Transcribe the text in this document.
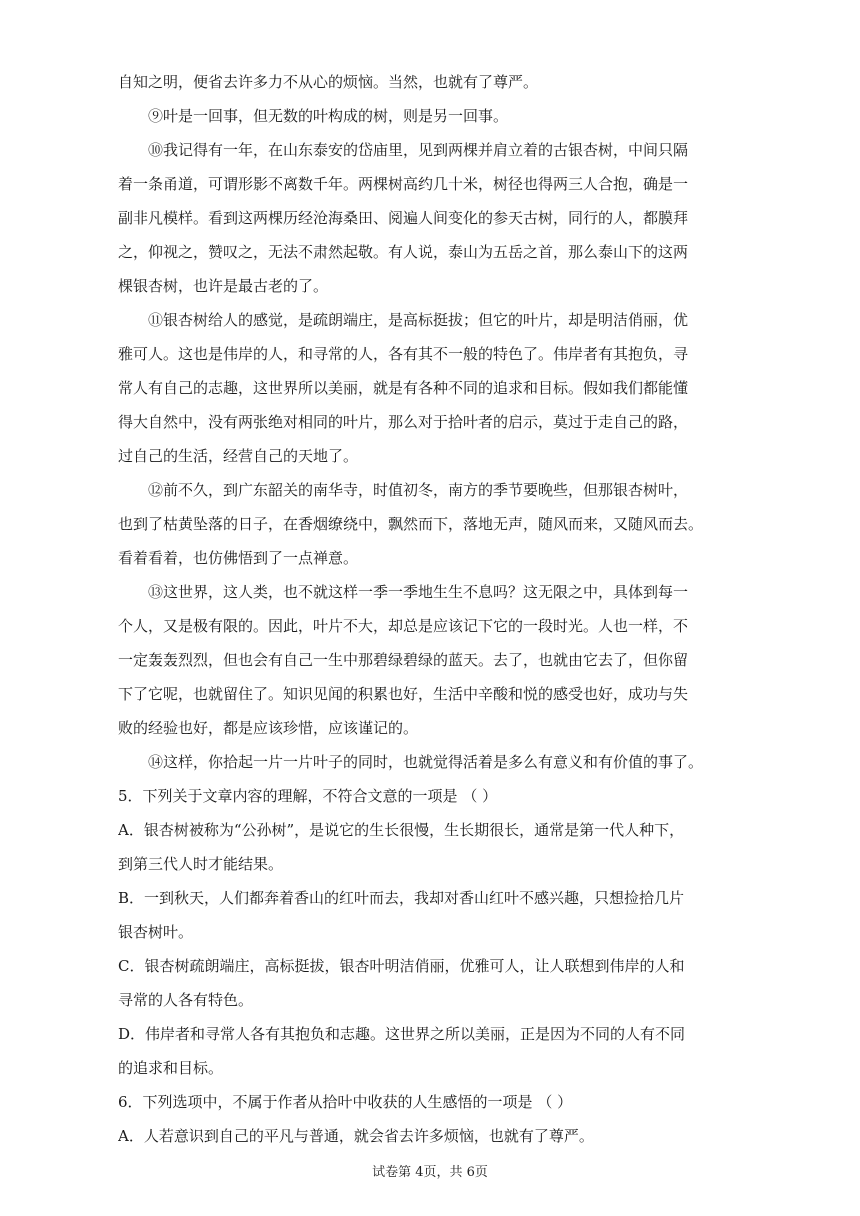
自知之明，便省去许多力不从心的烦恼。当然，也就有了尊严。
⑨叶是一回事，但无数的叶构成的树，则是另一回事。
⑩我记得有一年，在山东泰安的岱庙里，见到两棵并肩立着的古银杏树，中间只隔
着一条甬道，可谓形影不离数千年。两棵树高约几十米，树径也得两三人合抱，确是一
副非凡模样。看到这两棵历经沧海桑田、阅遍人间变化的参天古树，同行的人，都膜拜
之，仰视之，赞叹之，无法不肃然起敬。有人说，泰山为五岳之首，那么泰山下的这两
棵银杏树，也许是最古老的了。
⑪银杏树给人的感觉，是疏朗端庄，是高标挺拔；但它的叶片，却是明洁俏丽，优
雅可人。这也是伟岸的人，和寻常的人，各有其不一般的特色了。伟岸者有其抱负，寻
常人有自己的志趣，这世界所以美丽，就是有各种不同的追求和目标。假如我们都能懂
得大自然中，没有两张绝对相同的叶片，那么对于拾叶者的启示，莫过于走自己的路，
过自己的生活，经营自己的天地了。
⑫前不久，到广东韶关的南华寺，时值初冬，南方的季节要晚些，但那银杏树叶，
也到了枯黄坠落的日子，在香烟缭绕中，飘然而下，落地无声，随风而来，又随风而去。
看着看着，也仿佛悟到了一点禅意。
⑬这世界，这人类，也不就这样一季一季地生生不息吗？这无限之中，具体到每一
个人，又是极有限的。因此，叶片不大，却总是应该记下它的一段时光。人也一样，不
一定轰轰烈烈，但也会有自己一生中那碧绿碧绿的蓝天。去了，也就由它去了，但你留
下了它呢，也就留住了。知识见闻的积累也好，生活中辛酸和悦的感受也好，成功与失
败的经验也好，都是应该珍惜，应该谨记的。
⑭这样，你拾起一片一片叶子的同时，也就觉得活着是多么有意义和有价值的事了。
5．下列关于文章内容的理解，不符合文意的一项是 （ ）
A．银杏树被称为“公孙树”，是说它的生长很慢，生长期很长，通常是第一代人种下，
到第三代人时才能结果。
B．一到秋天，人们都奔着香山的红叶而去，我却对香山红叶不感兴趣，只想捡拾几片
银杏树叶。
C．银杏树疏朗端庄，高标挺拔，银杏叶明洁俏丽，优雅可人，让人联想到伟岸的人和
寻常的人各有特色。
D．伟岸者和寻常人各有其抱负和志趣。这世界之所以美丽，正是因为不同的人有不同
的追求和目标。
6．下列选项中，不属于作者从拾叶中收获的人生感悟的一项是 （ ）
A．人若意识到自己的平凡与普通，就会省去许多烦恼，也就有了尊严。
试卷第 4页，共 6页
